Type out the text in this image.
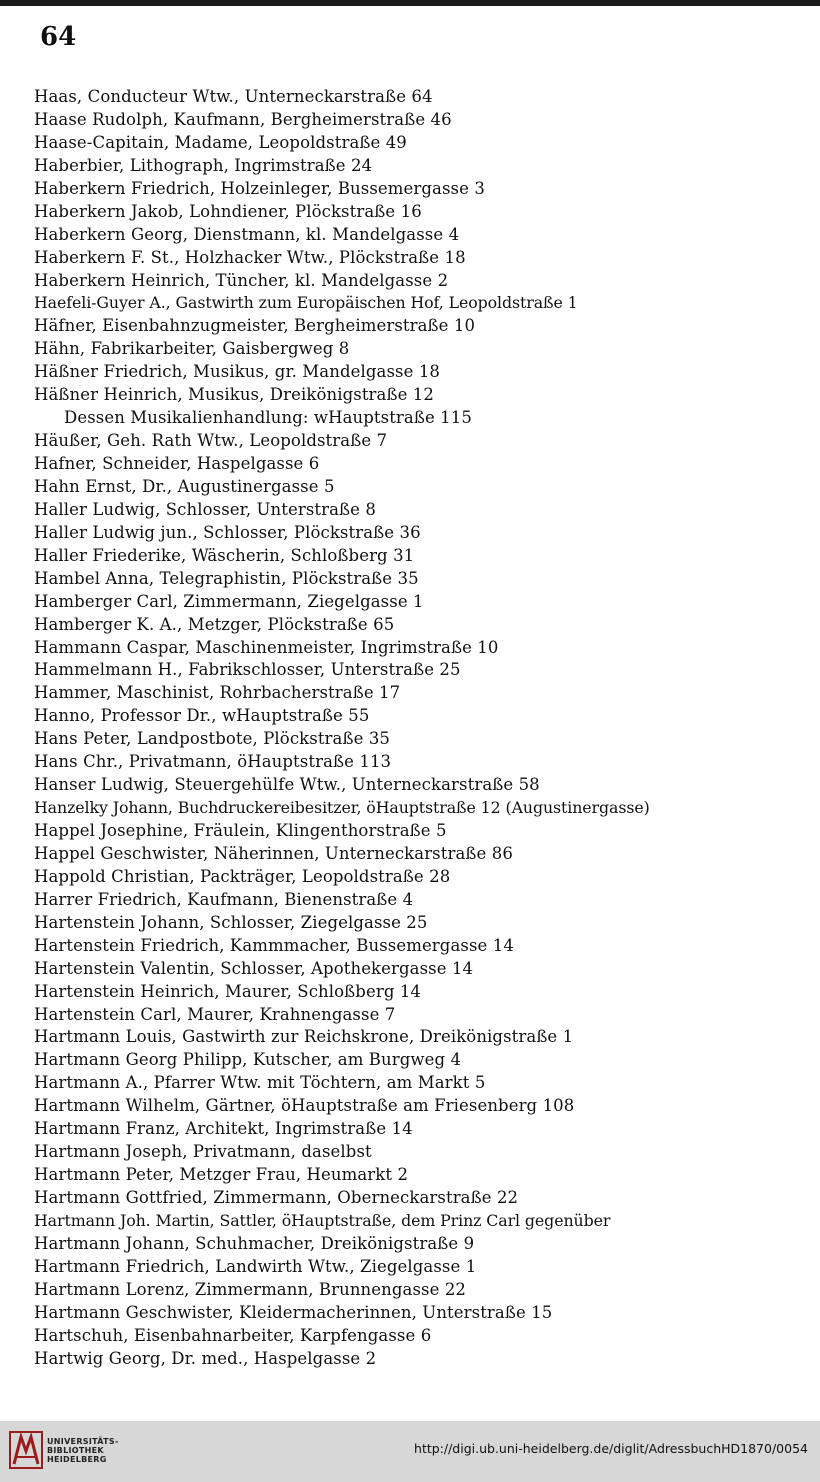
64
Haas, Conducteur Wtw., Unterneckarstraße 64
Haase Rudolph, Kaufmann, Bergheimerstraße 46
Haase-Capitain, Madame, Leopoldstraße 49
Haberbier, Lithograph, Ingrimstraße 24
Haberkern Friedrich, Holzeinleger, Bussemergasse 3
Haberkern Jakob, Lohndiener, Plöckstraße 16
Haberkern Georg, Dienstmann, kl. Mandelgasse 4
Haberkern F. St., Holzhacker Wtw., Plöckstraße 18
Haberkern Heinrich, Tüncher, kl. Mandelgasse 2
Haefeli-Guyer A., Gastwirth zum Europäischen Hof, Leopoldstraße 1
Häfner, Eisenbahnzugmeister, Bergheimerstraße 10
Hähn, Fabrikarbeiter, Gaisbergweg 8
Häßner Friedrich, Musikus, gr. Mandelgasse 18
Häßner Heinrich, Musikus, Dreikönigstraße 12
Dessen Musikalienhandlung: wHauptstraße 115
Häußer, Geh. Rath Wtw., Leopoldstraße 7
Hafner, Schneider, Haspelgasse 6
Hahn Ernst, Dr., Augustinergasse 5
Haller Ludwig, Schlosser, Unterstraße 8
Haller Ludwig jun., Schlosser, Plöckstraße 36
Haller Friederike, Wäscherin, Schloßberg 31
Hambel Anna, Telegraphistin, Plöckstraße 35
Hamberger Carl, Zimmermann, Ziegelgasse 1
Hamberger K. A., Metzger, Plöckstraße 65
Hammann Caspar, Maschinenmeister, Ingrimstraße 10
Hammelmann H., Fabrikschlosser, Unterstraße 25
Hammer, Maschinist, Rohrbacherstraße 17
Hanno, Professor Dr., wHauptstraße 55
Hans Peter, Landpostbote, Plöckstraße 35
Hans Chr., Privatmann, öHauptstraße 113
Hanser Ludwig, Steuergehülfe Wtw., Unterneckarstraße 58
Hanzelky Johann, Buchdruckereibesitzer, öHauptstraße 12 (Augustinergasse)
Happel Josephine, Fräulein, Klingenthorstraße 5
Happel Geschwister, Näherinnen, Unterneckarstraße 86
Happold Christian, Packträger, Leopoldstraße 28
Harrer Friedrich, Kaufmann, Bienenstraße 4
Hartenstein Johann, Schlosser, Ziegelgasse 25
Hartenstein Friedrich, Kammmacher, Bussemergasse 14
Hartenstein Valentin, Schlosser, Apothekergasse 14
Hartenstein Heinrich, Maurer, Schloßberg 14
Hartenstein Carl, Maurer, Krahnengasse 7
Hartmann Louis, Gastwirth zur Reichskrone, Dreikönigstraße 1
Hartmann Georg Philipp, Kutscher, am Burgweg 4
Hartmann A., Pfarrer Wtw. mit Töchtern, am Markt 5
Hartmann Wilhelm, Gärtner, öHauptstraße am Friesenberg 108
Hartmann Franz, Architekt, Ingrimstraße 14
Hartmann Joseph, Privatmann, daselbst
Hartmann Peter, Metzger Frau, Heumarkt 2
Hartmann Gottfried, Zimmermann, Oberneckarstraße 22
Hartmann Joh. Martin, Sattler, öHauptstraße, dem Prinz Carl gegenüber
Hartmann Johann, Schuhmacher, Dreikönigstraße 9
Hartmann Friedrich, Landwirth Wtw., Ziegelgasse 1
Hartmann Lorenz, Zimmermann, Brunnengasse 22
Hartmann Geschwister, Kleidermacherinnen, Unterstraße 15
Hartschuh, Eisenbahnarbeiter, Karpfengasse 6
Hartwig Georg, Dr. med., Haspelgasse 2
UNIVERSITÄTS-
BIBLIOTHEK
HEIDELBERG
http://digi.ub.uni-heidelberg.de/diglit/AdressbuchHD1870/0054
